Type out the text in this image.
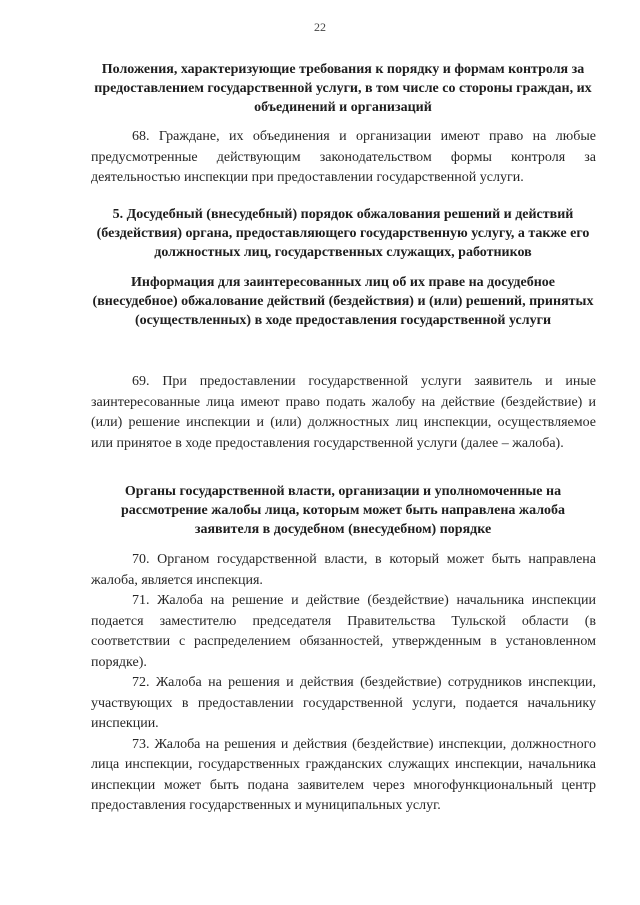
22
Положения, характеризующие требования к порядку и формам контроля за предоставлением государственной услуги, в том числе со стороны граждан, их объединений и организаций

68. Граждане, их объединения и организации имеют право на любые предусмотренные действующим законодательством формы контроля за деятельностью инспекции при предоставлении государственной услуги.

5. Досудебный (внесудебный) порядок обжалования решений и действий (бездействия) органа, предоставляющего государственную услугу, а также его должностных лиц, государственных служащих, работников
Информация для заинтересованных лиц об их праве на досудебное (внесудебное) обжалование действий (бездействия) и (или) решений, принятых (осуществленных) в ходе предоставления государственной услуги

69. При предоставлении государственной услуги заявитель и иные заинтересованные лица имеют право подать жалобу на действие (бездействие) и (или) решение инспекции и (или) должностных лиц инспекции, осуществляемое или принятое в ходе предоставления государственной услуги (далее – жалоба).

Органы государственной власти, организации и уполномоченные на рассмотрение жалобы лица, которым может быть направлена жалоба заявителя в досудебном (внесудебном) порядке

70. Органом государственной власти, в который может быть направлена жалоба, является инспекция.

71. Жалоба на решение и действие (бездействие) начальника инспекции подается заместителю председателя Правительства Тульской области (в соответствии с распределением обязанностей, утвержденным в установленном порядке).

72. Жалоба на решения и действия (бездействие) сотрудников инспекции, участвующих в предоставлении государственной услуги, подается начальнику инспекции.

73. Жалоба на решения и действия (бездействие) инспекции, должностного лица инспекции, государственных гражданских служащих инспекции, начальника инспекции может быть подана заявителем через многофункциональный центр предоставления государственных и муниципальных услуг.
